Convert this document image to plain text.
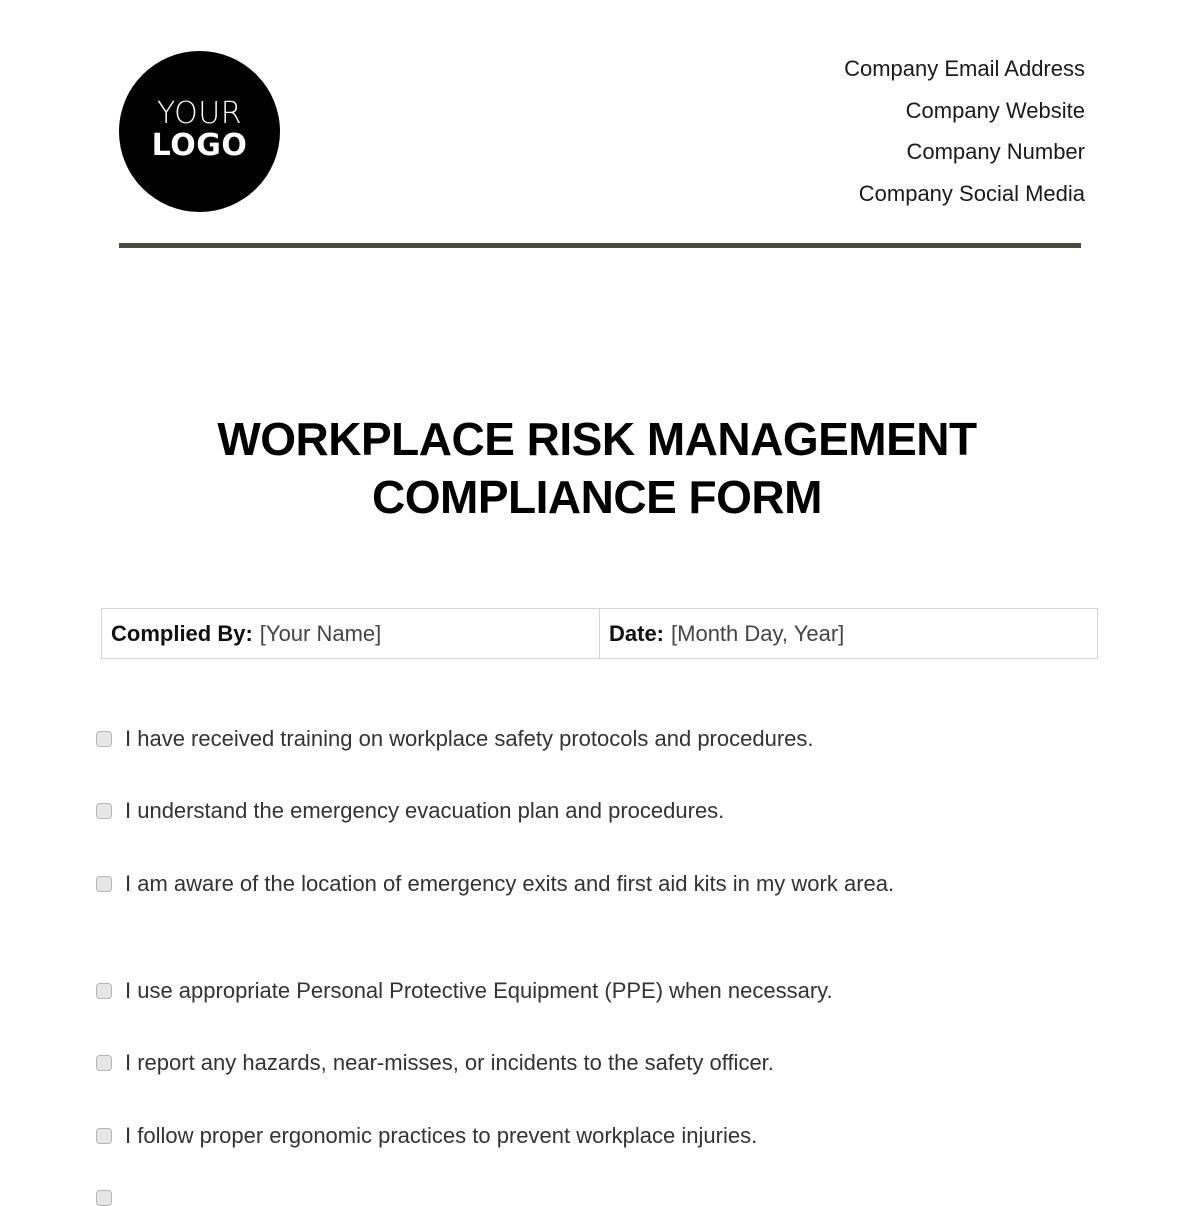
YOUR
LOGO
Company Email Address
Company Website
Company Number
Company Social Media
WORKPLACE RISK MANAGEMENT
COMPLIANCE FORM
Complied By: [Your Name]	Date: [Month Day, Year]
I have received training on workplace safety protocols and procedures.
I understand the emergency evacuation plan and procedures.
I am aware of the location of emergency exits and first aid kits in my work area.
I use appropriate Personal Protective Equipment (PPE) when necessary.
I report any hazards, near-misses, or incidents to the safety officer.
I follow proper ergonomic practices to prevent workplace injuries.
